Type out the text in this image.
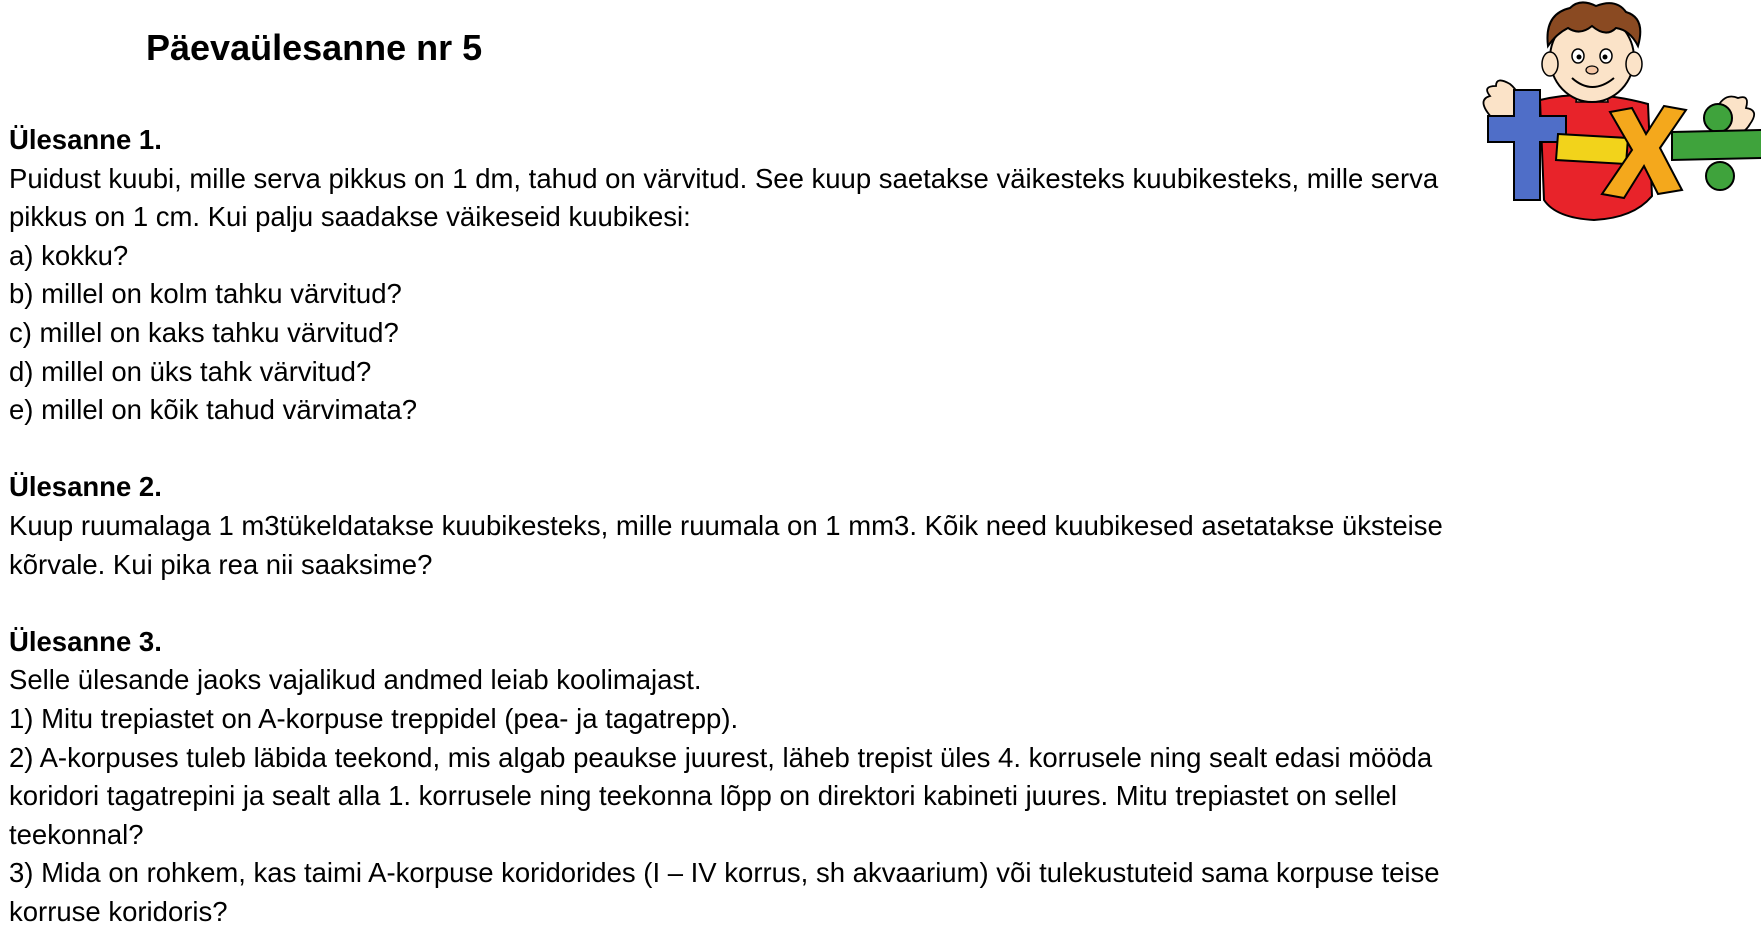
Päevaülesanne nr 5
Ülesanne 1.
Puidust kuubi, mille serva pikkus on 1 dm, tahud on värvitud. See kuup saetakse väikesteks kuubikesteks, mille serva
pikkus on 1 cm. Kui palju saadakse väikeseid kuubikesi:
a) kokku?
b) millel on kolm tahku värvitud?
c) millel on kaks tahku värvitud?
d) millel on üks tahk värvitud?
e) millel on kõik tahud värvimata?
Ülesanne 2.
Kuup ruumalaga 1 m3tükeldatakse kuubikesteks, mille ruumala on 1 mm3. Kõik need kuubikesed asetatakse üksteise
kõrvale. Kui pika rea nii saaksime?
Ülesanne 3.
Selle ülesande jaoks vajalikud andmed leiab koolimajast.
1) Mitu trepiastet on A-korpuse treppidel (pea- ja tagatrepp).
2) A-korpuses tuleb läbida teekond, mis algab peaukse juurest, läheb trepist üles 4. korrusele ning sealt edasi mööda
koridori tagatrepini ja sealt alla 1. korrusele ning teekonna lõpp on direktori kabineti juures. Mitu trepiastet on sellel
teekonnal?
3) Mida on rohkem, kas taimi A-korpuse koridorides (I – IV korrus, sh akvaarium) või tulekustuteid sama korpuse teise
korruse koridoris?
